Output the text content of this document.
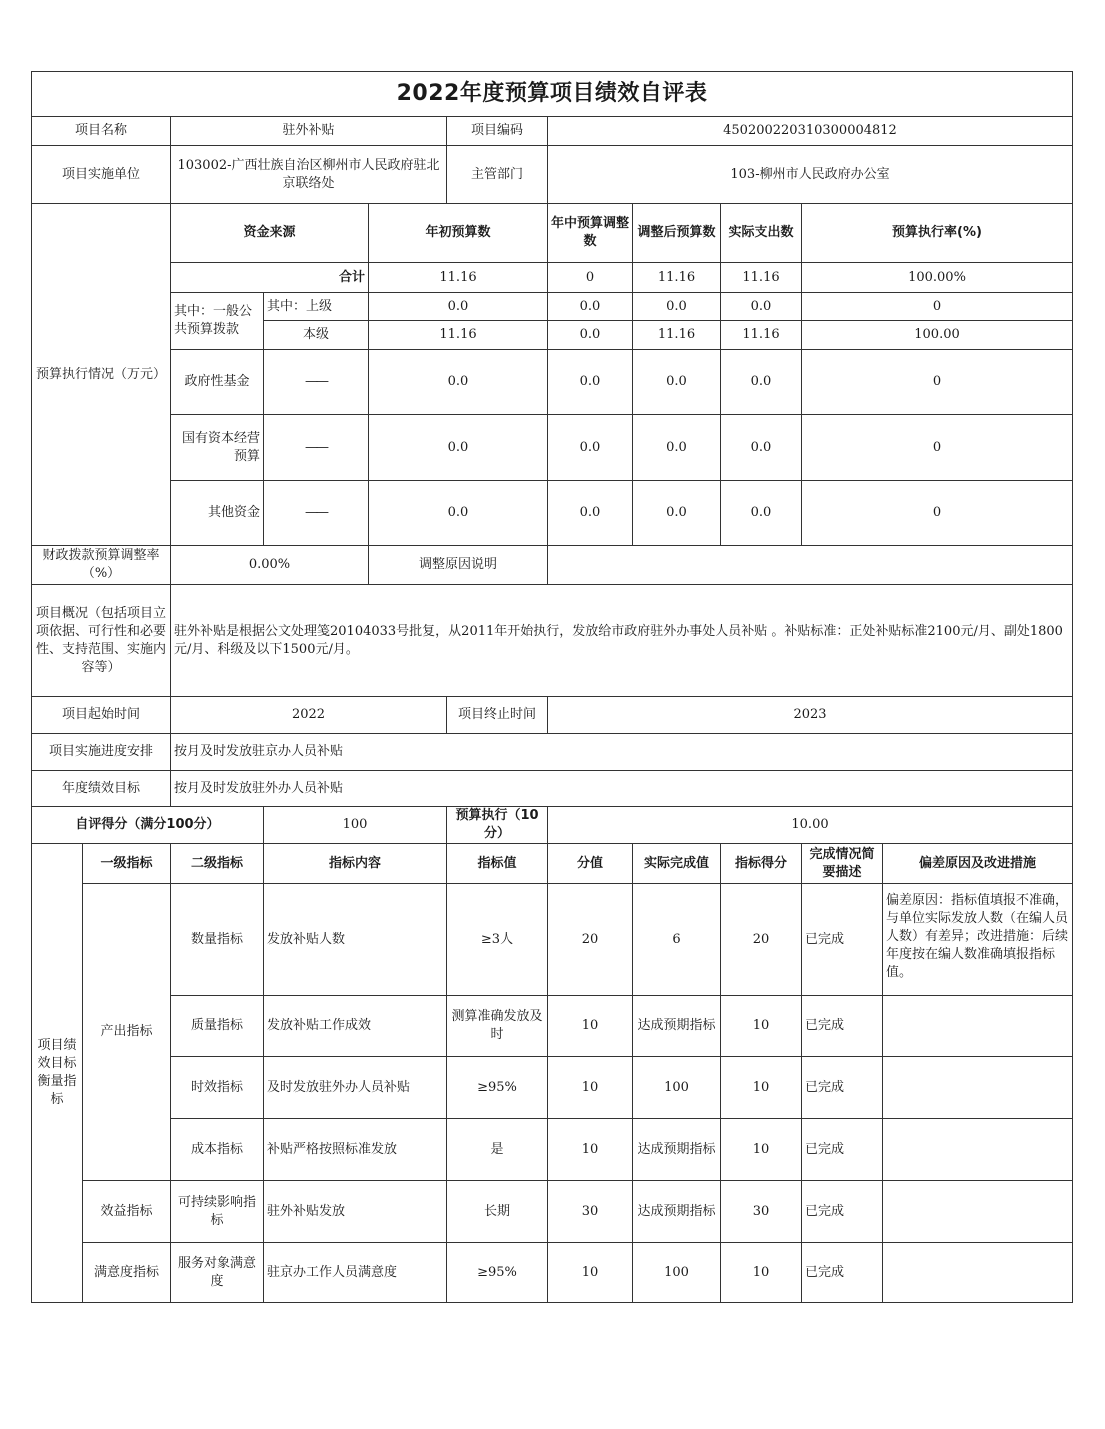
2022年度预算项目绩效自评表										
项目名称		驻外补贴			项目编码	450200220310300004812				
项目实施单位		103002-广西壮族自治区柳州市人民政府驻北京联络处			主管部门	103-柳州市人民政府办公室				
预算执行情况（万元）		资金来源		年初预算数		年中预算调整数	调整后预算数	实际支出数	预算执行率(%)	
		合计		11.16		0	11.16	11.16	100.00%	
		其中：一般公共预算拨款	其中：上级	0.0		0.0	0.0	0.0	0	
			本级	11.16		0.0	11.16	11.16	100.00	
		政府性基金	——	0.0		0.0	0.0	0.0	0	
		国有资本经营预算	——	0.0		0.0	0.0	0.0	0	
		其他资金	——	0.0		0.0	0.0	0.0	0	
财政拨款预算调整率（%）		0.00%		调整原因说明						
项目概况（包括项目立项依据、可行性和必要性、支持范围、实施内容等）		驻外补贴是根据公文处理笺20104033号批复，从2011年开始执行，发放给市政府驻外办事处人员补贴 。补贴标准：正处补贴标准2100元/月、副处1800元/月、科级及以下1500元/月。								
项目起始时间		2022			项目终止时间	2023				
项目实施进度安排		按月及时发放驻京办人员补贴								
年度绩效目标		按月及时发放驻外办人员补贴								
自评得分（满分100分）			100		预算执行（10分）	10.00				
项目绩效目标衡量指标	一级指标	二级指标	指标内容		指标值	分值	实际完成值	指标得分	完成情况简要描述	偏差原因及改进措施
	产出指标	数量指标	发放补贴人数		≥3人	20	6	20	已完成	偏差原因：指标值填报不准确，与单位实际发放人数（在编人员人数）有差异；改进措施：后续年度按在编人数准确填报指标值。
		质量指标	发放补贴工作成效		测算准确发放及时	10	达成预期指标	10	已完成	
		时效指标	及时发放驻外办人员补贴		≥95%	10	100	10	已完成	
		成本指标	补贴严格按照标准发放		是	10	达成预期指标	10	已完成	
	效益指标	可持续影响指标	驻外补贴发放		长期	30	达成预期指标	30	已完成	
	满意度指标	服务对象满意度	驻京办工作人员满意度		≥95%	10	100	10	已完成	
